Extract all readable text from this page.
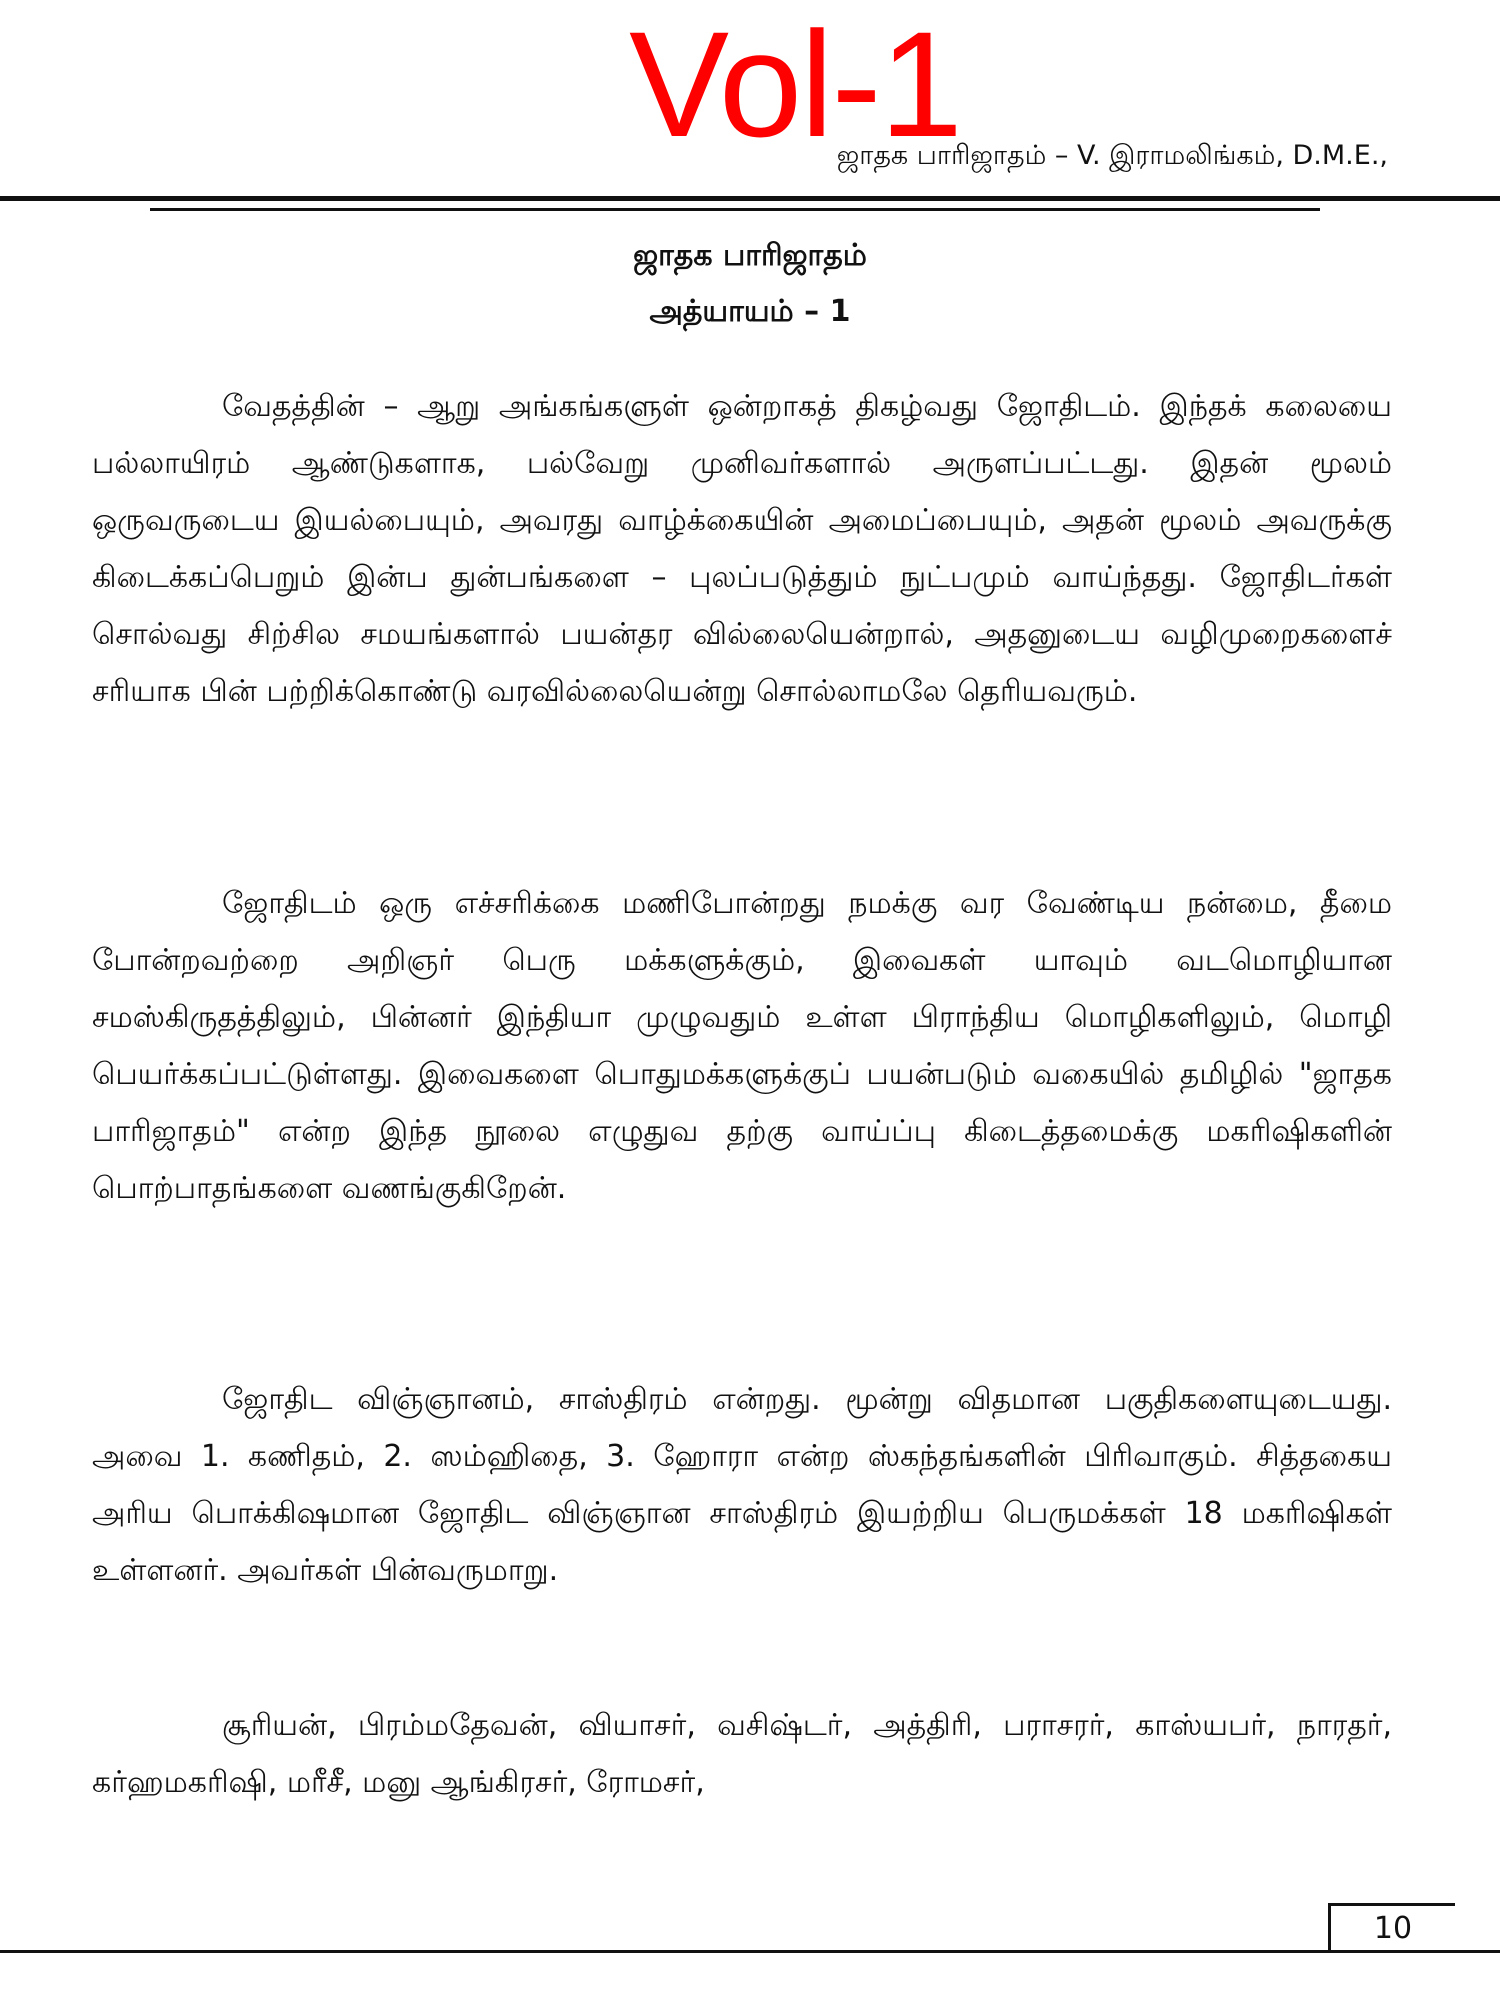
Vol-1
ஜாதக பாரிஜாதம் – V. இராமலிங்கம், D.M.E.,
ஜாதக பாரிஜாதம்
அத்யாயம் – 1

வேதத்தின் – ஆறு அங்கங்களுள் ஒன்றாகத் திகழ்வது ஜோதிடம். இந்தக் கலையை பல்லாயிரம் ஆண்டுகளாக, பல்வேறு முனிவர்களால் அருளப்பட்டது. இதன் மூலம் ஒருவருடைய இயல்பையும், அவரது வாழ்க்கையின் அமைப்பையும், அதன் மூலம் அவருக்கு கிடைக்கப்பெறும் இன்ப துன்பங்களை – புலப்படுத்தும் நுட்பமும் வாய்ந்தது. ஜோதிடர்கள் சொல்வது சிற்சில சமயங்களால் பயன்தர வில்லையென்றால், அதனுடைய வழிமுறைகளைச் சரியாக பின் பற்றிக்கொண்டு வரவில்லையென்று சொல்லாமலே தெரியவரும்.

ஜோதிடம் ஒரு எச்சரிக்கை மணிபோன்றது நமக்கு வர வேண்டிய நன்மை, தீமை போன்றவற்றை அறிஞர் பெரு மக்களுக்கும், இவைகள் யாவும் வடமொழியான சமஸ்கிருதத்திலும், பின்னர் இந்தியா முழுவதும் உள்ள பிராந்திய மொழிகளிலும், மொழி பெயர்க்கப்பட்டுள்ளது. இவைகளை பொதுமக்களுக்குப் பயன்படும் வகையில் தமிழில் "ஜாதக பாரிஜாதம்" என்ற இந்த நூலை எழுதுவ தற்கு வாய்ப்பு கிடைத்தமைக்கு மகரிஷிகளின் பொற்பாதங்களை வணங்குகிறேன்.

ஜோதிட விஞ்ஞானம், சாஸ்திரம் என்றது. மூன்று விதமான பகுதிகளையுடையது. அவை 1. கணிதம், 2. ஸம்ஹிதை, 3. ஹோரா என்ற ஸ்கந்தங்களின் பிரிவாகும். சித்தகைய அரிய பொக்கிஷமான ஜோதிட விஞ்ஞான சாஸ்திரம் இயற்றிய பெருமக்கள் 18 மகரிஷிகள் உள்ளனர். அவர்கள் பின்வருமாறு.

சூரியன், பிரம்மதேவன், வியாசர், வசிஷ்டர், அத்திரி, பராசரர், காஸ்யபர், நாரதர், கர்ஹமகரிஷி, மரீசீ, மனு ஆங்கிரசர், ரோமசர்,

10
